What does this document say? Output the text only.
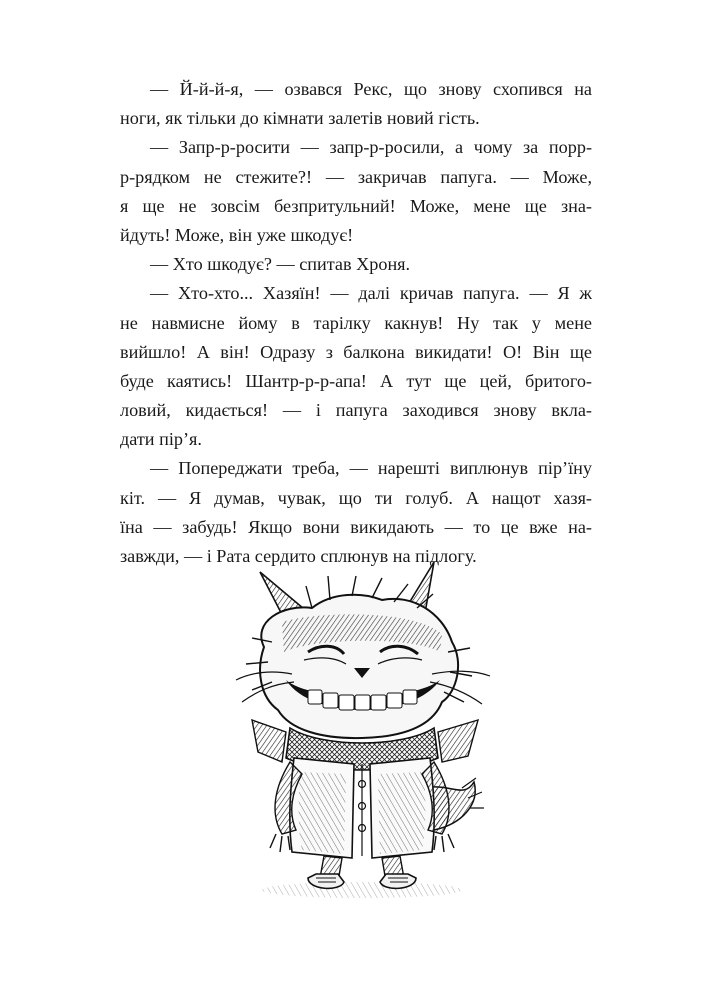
— Й-й-й-я, — озвався Рекс, що знову схопився на
ноги, як тільки до кімнати залетів новий гість.
— Запр-р-росити — запр-р-росили, а чому за порр-
р-рядком не стежите?! — закричав папуга. — Може,
я ще не зовсім безпритульний! Може, мене ще зна-
йдуть! Може, він уже шкодує!
— Хто шкодує? — спитав Хроня.
— Хто-хто... Хазяїн! — далі кричав папуга. — Я ж
не навмисне йому в тарілку какнув! Ну так у мене
вийшло! А він! Одразу з балкона викидати! О! Він ще
буде каятись! Шантр-р-р-апа! А тут ще цей, бритого-
ловий, кидається! — і папуга заходився знову вкла-
дати пір’я.
— Попереджати треба, — нарешті виплюнув пір’їну
кіт. — Я думав, чувак, що ти голуб. А нащот хазя-
їна — забудь! Якщо вони викидають — то це вже на-
завжди, — і Рата сердито сплюнув на підлогу.
